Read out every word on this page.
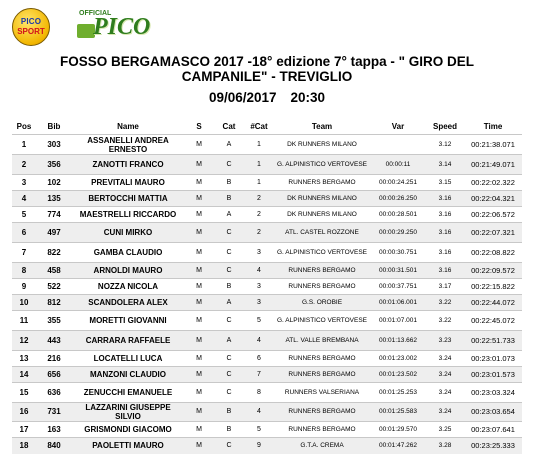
PICO
SPORT
OFFICIAL
PICO
FOSSO BERGAMASCO 2017 -18° edizione 7° tappa - " GIRO DEL CAMPANILE" - TREVIGLIO
09/06/2017 20:30
Pos	Bib	Name	S	Cat	#Cat	Team	Var	Speed	Time
1	303	ASSANELLI ANDREA ERNESTO	M	A	1	DK RUNNERS MILANO		3.12	00:21:38.071
2	356	ZANOTTI FRANCO	M	C	1	G. ALPINISTICO VERTOVESE	00:00:11	3.14	00:21:49.071
3	102	PREVITALI MAURO	M	B	1	RUNNERS BERGAMO	00:00:24.251	3.15	00:22:02.322
4	135	BERTOCCHI MATTIA	M	B	2	DK RUNNERS MILANO	00:00:26.250	3.16	00:22:04.321
5	774	MAESTRELLI RICCARDO	M	A	2	DK RUNNERS MILANO	00:00:28.501	3.16	00:22:06.572
6	497	CUNI MIRKO	M	C	2	ATL. CASTEL ROZZONE	00:00:29.250	3.16	00:22:07.321
7	822	GAMBA CLAUDIO	M	C	3	G. ALPINISTICO VERTOVESE	00:00:30.751	3.16	00:22:08.822
8	458	ARNOLDI MAURO	M	C	4	RUNNERS BERGAMO	00:00:31.501	3.16	00:22:09.572
9	522	NOZZA NICOLA	M	B	3	RUNNERS BERGAMO	00:00:37.751	3.17	00:22:15.822
10	812	SCANDOLERA ALEX	M	A	3	G.S. OROBIE	00:01:06.001	3.22	00:22:44.072
11	355	MORETTI GIOVANNI	M	C	5	G. ALPINISTICO VERTOVESE	00:01:07.001	3.22	00:22:45.072
12	443	CARRARA RAFFAELE	M	A	4	ATL. VALLE BREMBANA	00:01:13.662	3.23	00:22:51.733
13	216	LOCATELLI LUCA	M	C	6	RUNNERS BERGAMO	00:01:23.002	3.24	00:23:01.073
14	656	MANZONI CLAUDIO	M	C	7	RUNNERS BERGAMO	00:01:23.502	3.24	00:23:01.573
15	636	ZENUCCHI EMANUELE	M	C	8	RUNNERS VALSERIANA	00:01:25.253	3.24	00:23:03.324
16	731	LAZZARINI GIUSEPPE SILVIO	M	B	4	RUNNERS BERGAMO	00:01:25.583	3.24	00:23:03.654
17	163	GRISMONDI GIACOMO	M	B	5	RUNNERS BERGAMO	00:01:29.570	3.25	00:23:07.641
18	840	PAOLETTI MAURO	M	C	9	G.T.A. CREMA	00:01:47.262	3.28	00:23:25.333
